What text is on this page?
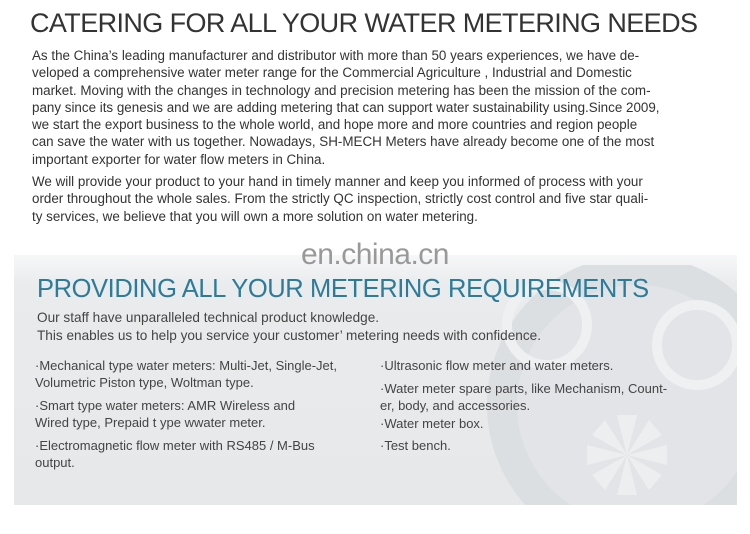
CATERING FOR ALL YOUR WATER METERING NEEDS
As the China’s leading manufacturer and distributor with more than 50 years experiences, we have de-
veloped a comprehensive water meter range for the Commercial Agriculture , Industrial and Domestic
market. Moving with the changes in technology and precision metering has been the mission of the com-
pany since its genesis and we are adding metering that can support water sustainability using.Since 2009,
we start the export business to the whole world, and hope more and more countries and region people
can save the water with us together. Nowadays, SH-MECH Meters have already become one of the most
important exporter for water flow meters in China.
We will provide your product to your hand in timely manner and keep you informed of process with your
order throughout the whole sales. From the strictly QC inspection, strictly cost control and five star quali-
ty services, we believe that you will own a more solution on water metering.
en.china.cn
PROVIDING ALL YOUR METERING REQUIREMENTS
Our staff have unparalleled technical product knowledge.
This enables us to help you service your customer’ metering needs with confidence.
·Mechanical type water meters: Multi-Jet, Single-Jet,
Volumetric Piston type, Woltman type.
·Smart type water meters: AMR Wireless and
Wired type, Prepaid t ype wwater meter.
·Electromagnetic flow meter with RS485 / M-Bus
output.
·Ultrasonic flow meter and water meters.
·Water meter spare parts, like Mechanism, Count-
er, body, and accessories.
·Water meter box.
·Test bench.
